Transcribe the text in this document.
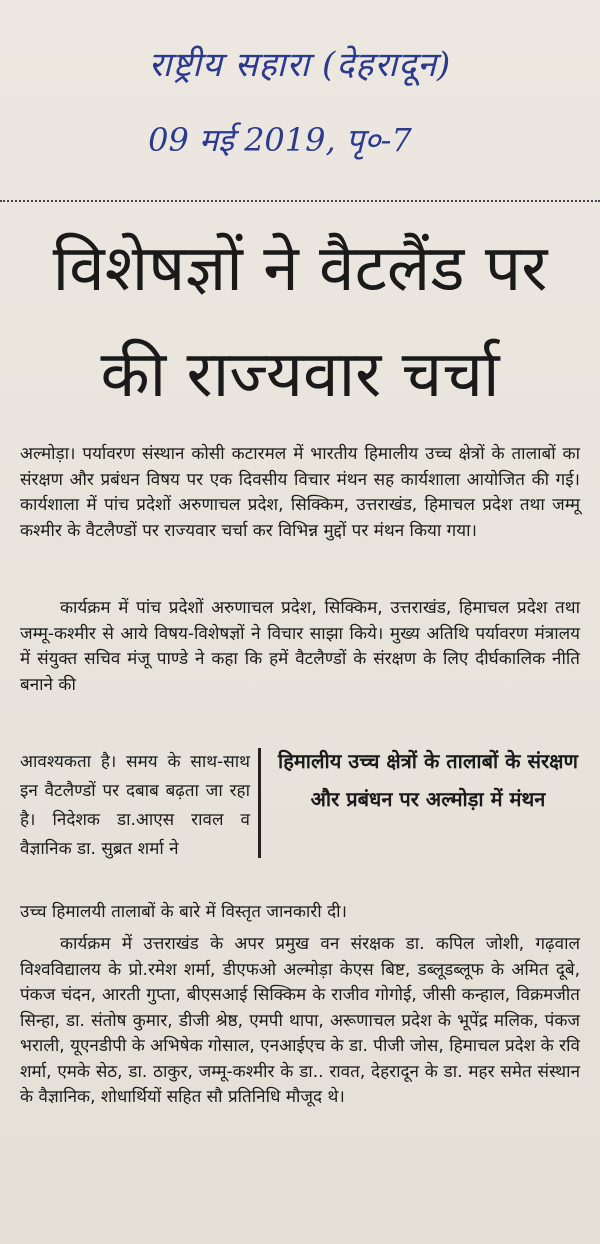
राष्ट्रीय सहारा (देहरादून)
09 मई 2019, पृ०-7
विशेषज्ञों ने वैटलैंड पर
की राज्यवार चर्चा

अल्मोड़ा। पर्यावरण संस्थान कोसी कटारमल में भारतीय हिमालीय उच्च क्षेत्रों के तालाबों का संरक्षण और प्रबंधन विषय पर एक दिवसीय विचार मंथन सह कार्यशाला आयोजित की गई। कार्यशाला में पांच प्रदेशों अरुणाचल प्रदेश, सिक्किम, उत्तराखंड, हिमाचल प्रदेश तथा जम्मू कश्मीर के वैटलैण्डों पर राज्यवार चर्चा कर विभिन्न मुद्दों पर मंथन किया गया।

कार्यक्रम में पांच प्रदेशों अरुणाचल प्रदेश, सिक्किम, उत्तराखंड, हिमाचल प्रदेश तथा जम्मू-कश्मीर से आये विषय-विशेषज्ञों ने विचार साझा किये। मुख्य अतिथि पर्यावरण मंत्रालय में संयुक्त सचिव मंजू पाण्डे ने कहा कि हमें वैटलैण्डों के संरक्षण के लिए दीर्घकालिक नीति बनाने की

आवश्यकता है। समय के साथ-साथ इन वैटलैण्डों पर दबाब बढ़ता जा रहा है। निदेशक डा.आएस रावल व वैज्ञानिक डा. सुब्रत शर्मा ने

हिमालीय उच्च क्षेत्रों के तालाबों के संरक्षण और प्रबंधन पर अल्मोड़ा में मंथन

उच्च हिमालयी तालाबों के बारे में विस्तृत जानकारी दी।

कार्यक्रम में उत्तराखंड के अपर प्रमुख वन संरक्षक डा. कपिल जोशी, गढ़वाल विश्वविद्यालय के प्रो.रमेश शर्मा, डीएफओ अल्मोड़ा केएस बिष्ट, डब्लूडब्लूफ के अमित दूबे, पंकज चंदन, आरती गुप्ता, बीएसआई सिक्किम के राजीव गोगोई, जीसी कन्हाल, विक्रमजीत सिन्हा, डा. संतोष कुमार, डीजी श्रेष्ठ, एमपी थापा, अरूणाचल प्रदेश के भूपेंद्र मलिक, पंकज भराली, यूएनडीपी के अभिषेक गोसाल, एनआईएच के डा. पीजी जोस, हिमाचल प्रदेश के रवि शर्मा, एमके सेठ, डा. ठाकुर, जम्मू-कश्मीर के डा.. रावत, देहरादून के डा. महर समेत संस्थान के वैज्ञानिक, शोधार्थियों सहित सौ प्रतिनिधि मौजूद थे।
